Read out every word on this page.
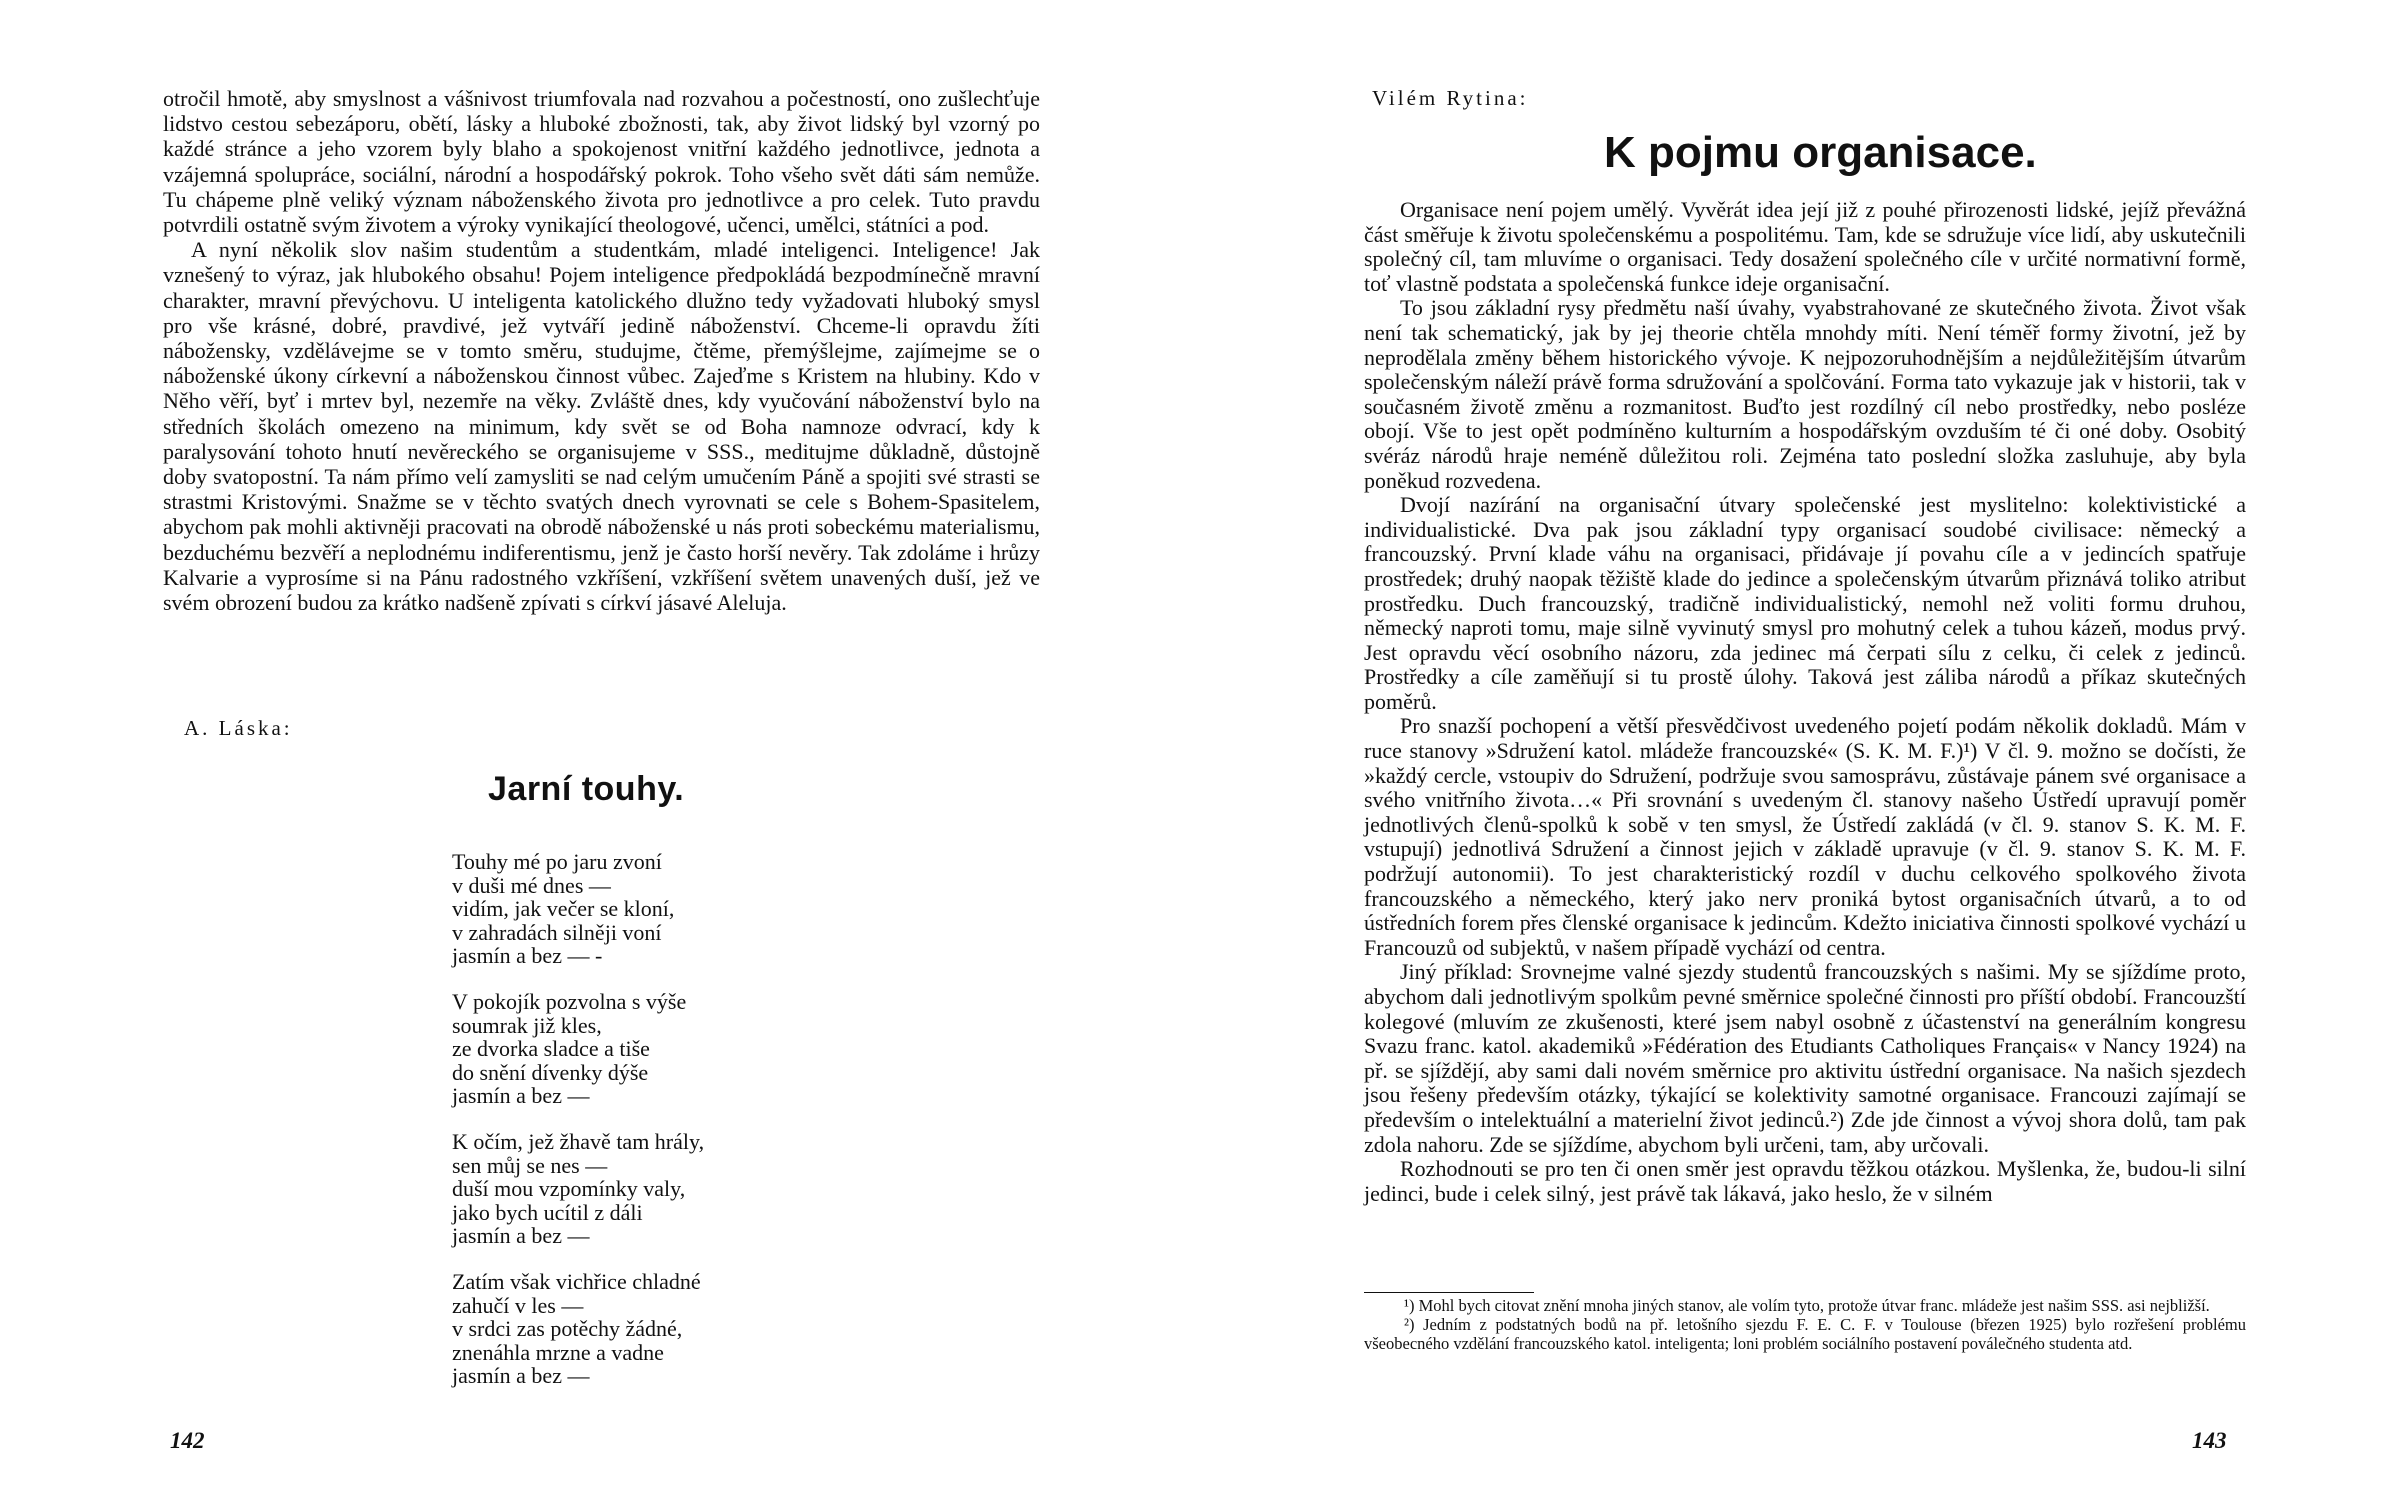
otročil hmotě, aby smyslnost a vášnivost triumfovala nad rozvahou a počestností, ono zušlechťuje lidstvo cestou sebezáporu, obětí, lásky a hluboké zbožnosti, tak, aby život lidský byl vzorný po každé stránce a jeho vzorem byly blaho a spokojenost vnitřní každého jednotlivce, jednota a vzájemná spolupráce, sociální, národní a hospodářský pokrok. Toho všeho svět dáti sám nemůže. Tu chápeme plně veliký význam náboženského života pro jednotlivce a pro celek. Tuto pravdu potvrdili ostatně svým životem a výroky vynikající theologové, učenci, umělci, státníci a pod.

A nyní několik slov našim studentům a studentkám, mladé inteligenci. Inteligence! Jak vznešený to výraz, jak hlubokého obsahu! Pojem inteligence předpokládá bezpodmínečně mravní charakter, mravní převýchovu. U inteligenta katolického dlužno tedy vyžadovati hluboký smysl pro vše krásné, dobré, pravdivé, jež vytváří jedině náboženství. Chceme-li opravdu žíti nábožensky, vzdělávejme se v tomto směru, studujme, čtěme, přemýšlejme, zajímejme se o náboženské úkony církevní a náboženskou činnost vůbec. Zajeďme s Kristem na hlubiny. Kdo v Něho věří, byť i mrtev byl, nezemře na věky. Zvláště dnes, kdy vyučování náboženství bylo na středních školách omezeno na minimum, kdy svět se od Boha namnoze odvrací, kdy k paralysování tohoto hnutí nevěreckého se organisujeme v SSS., meditujme důkladně, důstojně doby svatopostní. Ta nám přímo velí zamysliti se nad celým umučením Páně a spojiti své strasti se strastmi Kristovými. Snažme se v těchto svatých dnech vyrovnati se cele s Bohem-Spasitelem, abychom pak mohli aktivněji pracovati na obrodě náboženské u nás proti sobeckému materialismu, bezduchému bezvěří a neplodnému indiferentismu, jenž je často horší nevěry. Tak zdoláme i hrůzy Kalvarie a vyprosíme si na Pánu radostného vzkříšení, vzkříšení světem unavených duší, jež ve svém obrození budou za krátko nadšeně zpívati s církví jásavé Aleluja.

A. Láska:
Jarní touhy.
Touhy mé po jaru zvoní
v duši mé dnes —
vidím, jak večer se kloní,
v zahradách silněji voní
jasmín a bez — -
V pokojík pozvolna s výše
soumrak již kles,
ze dvorka sladce a tiše
do snění dívenky dýše
jasmín a bez —
K očím, jež žhavě tam hrály,
sen můj se nes —
duší mou vzpomínky valy,
jako bych ucítil z dáli
jasmín a bez —
Zatím však vichřice chladné
zahučí v les —
v srdci zas potěchy žádné,
znenáhla mrzne a vadne
jasmín a bez —
142
Vilém Rytina:
K pojmu organisace.

Organisace není pojem umělý. Vyvěrát idea její již z pouhé přirozenosti lidské, jejíž převážná část směřuje k životu společenskému a pospolitému. Tam, kde se sdružuje více lidí, aby uskutečnili společný cíl, tam mluvíme o organisaci. Tedy dosažení společného cíle v určité normativní formě, toť vlastně podstata a společenská funkce ideje organisační.

To jsou základní rysy předmětu naší úvahy, vyabstrahované ze skutečného života. Život však není tak schematický, jak by jej theorie chtěla mnohdy míti. Není téměř formy životní, jež by neprodělala změny během historického vývoje. K nejpozoruhodnějším a nejdůležitějším útvarům společenským náleží právě forma sdružování a spolčování. Forma tato vykazuje jak v historii, tak v současném životě změnu a rozmanitost. Buďto jest rozdílný cíl nebo prostředky, nebo posléze obojí. Vše to jest opět podmíněno kulturním a hospodářským ovzduším té či oné doby. Osobitý svéráz národů hraje neméně důležitou roli. Zejména tato poslední složka zasluhuje, aby byla poněkud rozvedena.

Dvojí nazírání na organisační útvary společenské jest myslitelno: kolektivistické a individualistické. Dva pak jsou základní typy organisací soudobé civilisace: německý a francouzský. První klade váhu na organisaci, přidávaje jí povahu cíle a v jedincích spatřuje prostředek; druhý naopak těžiště klade do jedince a společenským útvarům přiznává toliko atribut prostředku. Duch francouzský, tradičně individualistický, nemohl než voliti formu druhou, německý naproti tomu, maje silně vyvinutý smysl pro mohutný celek a tuhou kázeň, modus prvý. Jest opravdu věcí osobního názoru, zda jedinec má čerpati sílu z celku, či celek z jedinců. Prostředky a cíle zaměňují si tu prostě úlohy. Taková jest záliba národů a příkaz skutečných poměrů.

Pro snazší pochopení a větší přesvědčivost uvedeného pojetí podám několik dokladů. Mám v ruce stanovy »Sdružení katol. mládeže francouzské« (S. K. M. F.)¹) V čl. 9. možno se dočísti, že »každý cercle, vstoupiv do Sdružení, podržuje svou samosprávu, zůstávaje pánem své organisace a svého vnitřního života…« Při srovnání s uvedeným čl. stanovy našeho Ústředí upravují poměr jednotlivých členů-spolků k sobě v ten smysl, že Ústředí zakládá (v čl. 9. stanov S. K. M. F. vstupují) jednotlivá Sdružení a činnost jejich v základě upravuje (v čl. 9. stanov S. K. M. F. podržují autonomii). To jest charakteristický rozdíl v duchu celkového spolkového života francouzského a německého, který jako nerv proniká bytost organisačních útvarů, a to od ústředních forem přes členské organisace k jedincům. Kdežto iniciativa činnosti spolkové vychází u Francouzů od subjektů, v našem případě vychází od centra.

Jiný příklad: Srovnejme valné sjezdy studentů francouzských s našimi. My se sjíždíme proto, abychom dali jednotlivým spolkům pevné směrnice společné činnosti pro příští období. Francouzští kolegové (mluvím ze zkušenosti, které jsem nabyl osobně z účastenství na generálním kongresu Svazu franc. katol. akademiků »Fédération des Etudiants Catholiques Français« v Nancy 1924) na př. se sjíždějí, aby sami dali novém směrnice pro aktivitu ústřední organisace. Na našich sjezdech jsou řešeny především otázky, týkající se kolektivity samotné organisace. Francouzi zajímají se především o intelektuální a materielní život jedinců.²) Zde jde činnost a vývoj shora dolů, tam pak zdola nahoru. Zde se sjíždíme, abychom byli určeni, tam, aby určovali.

Rozhodnouti se pro ten či onen směr jest opravdu těžkou otázkou. Myšlenka, že, budou-li silní jedinci, bude i celek silný, jest právě tak lákavá, jako heslo, že v silném

¹) Mohl bych citovat znění mnoha jiných stanov, ale volím tyto, protože útvar franc. mládeže jest našim SSS. asi nejbližší.

²) Jedním z podstatných bodů na př. letošního sjezdu F. E. C. F. v Toulouse (březen 1925) bylo rozřešení problému všeobecného vzdělání francouzského katol. inteligenta; loni problém sociálního postavení poválečného studenta atd.

143
